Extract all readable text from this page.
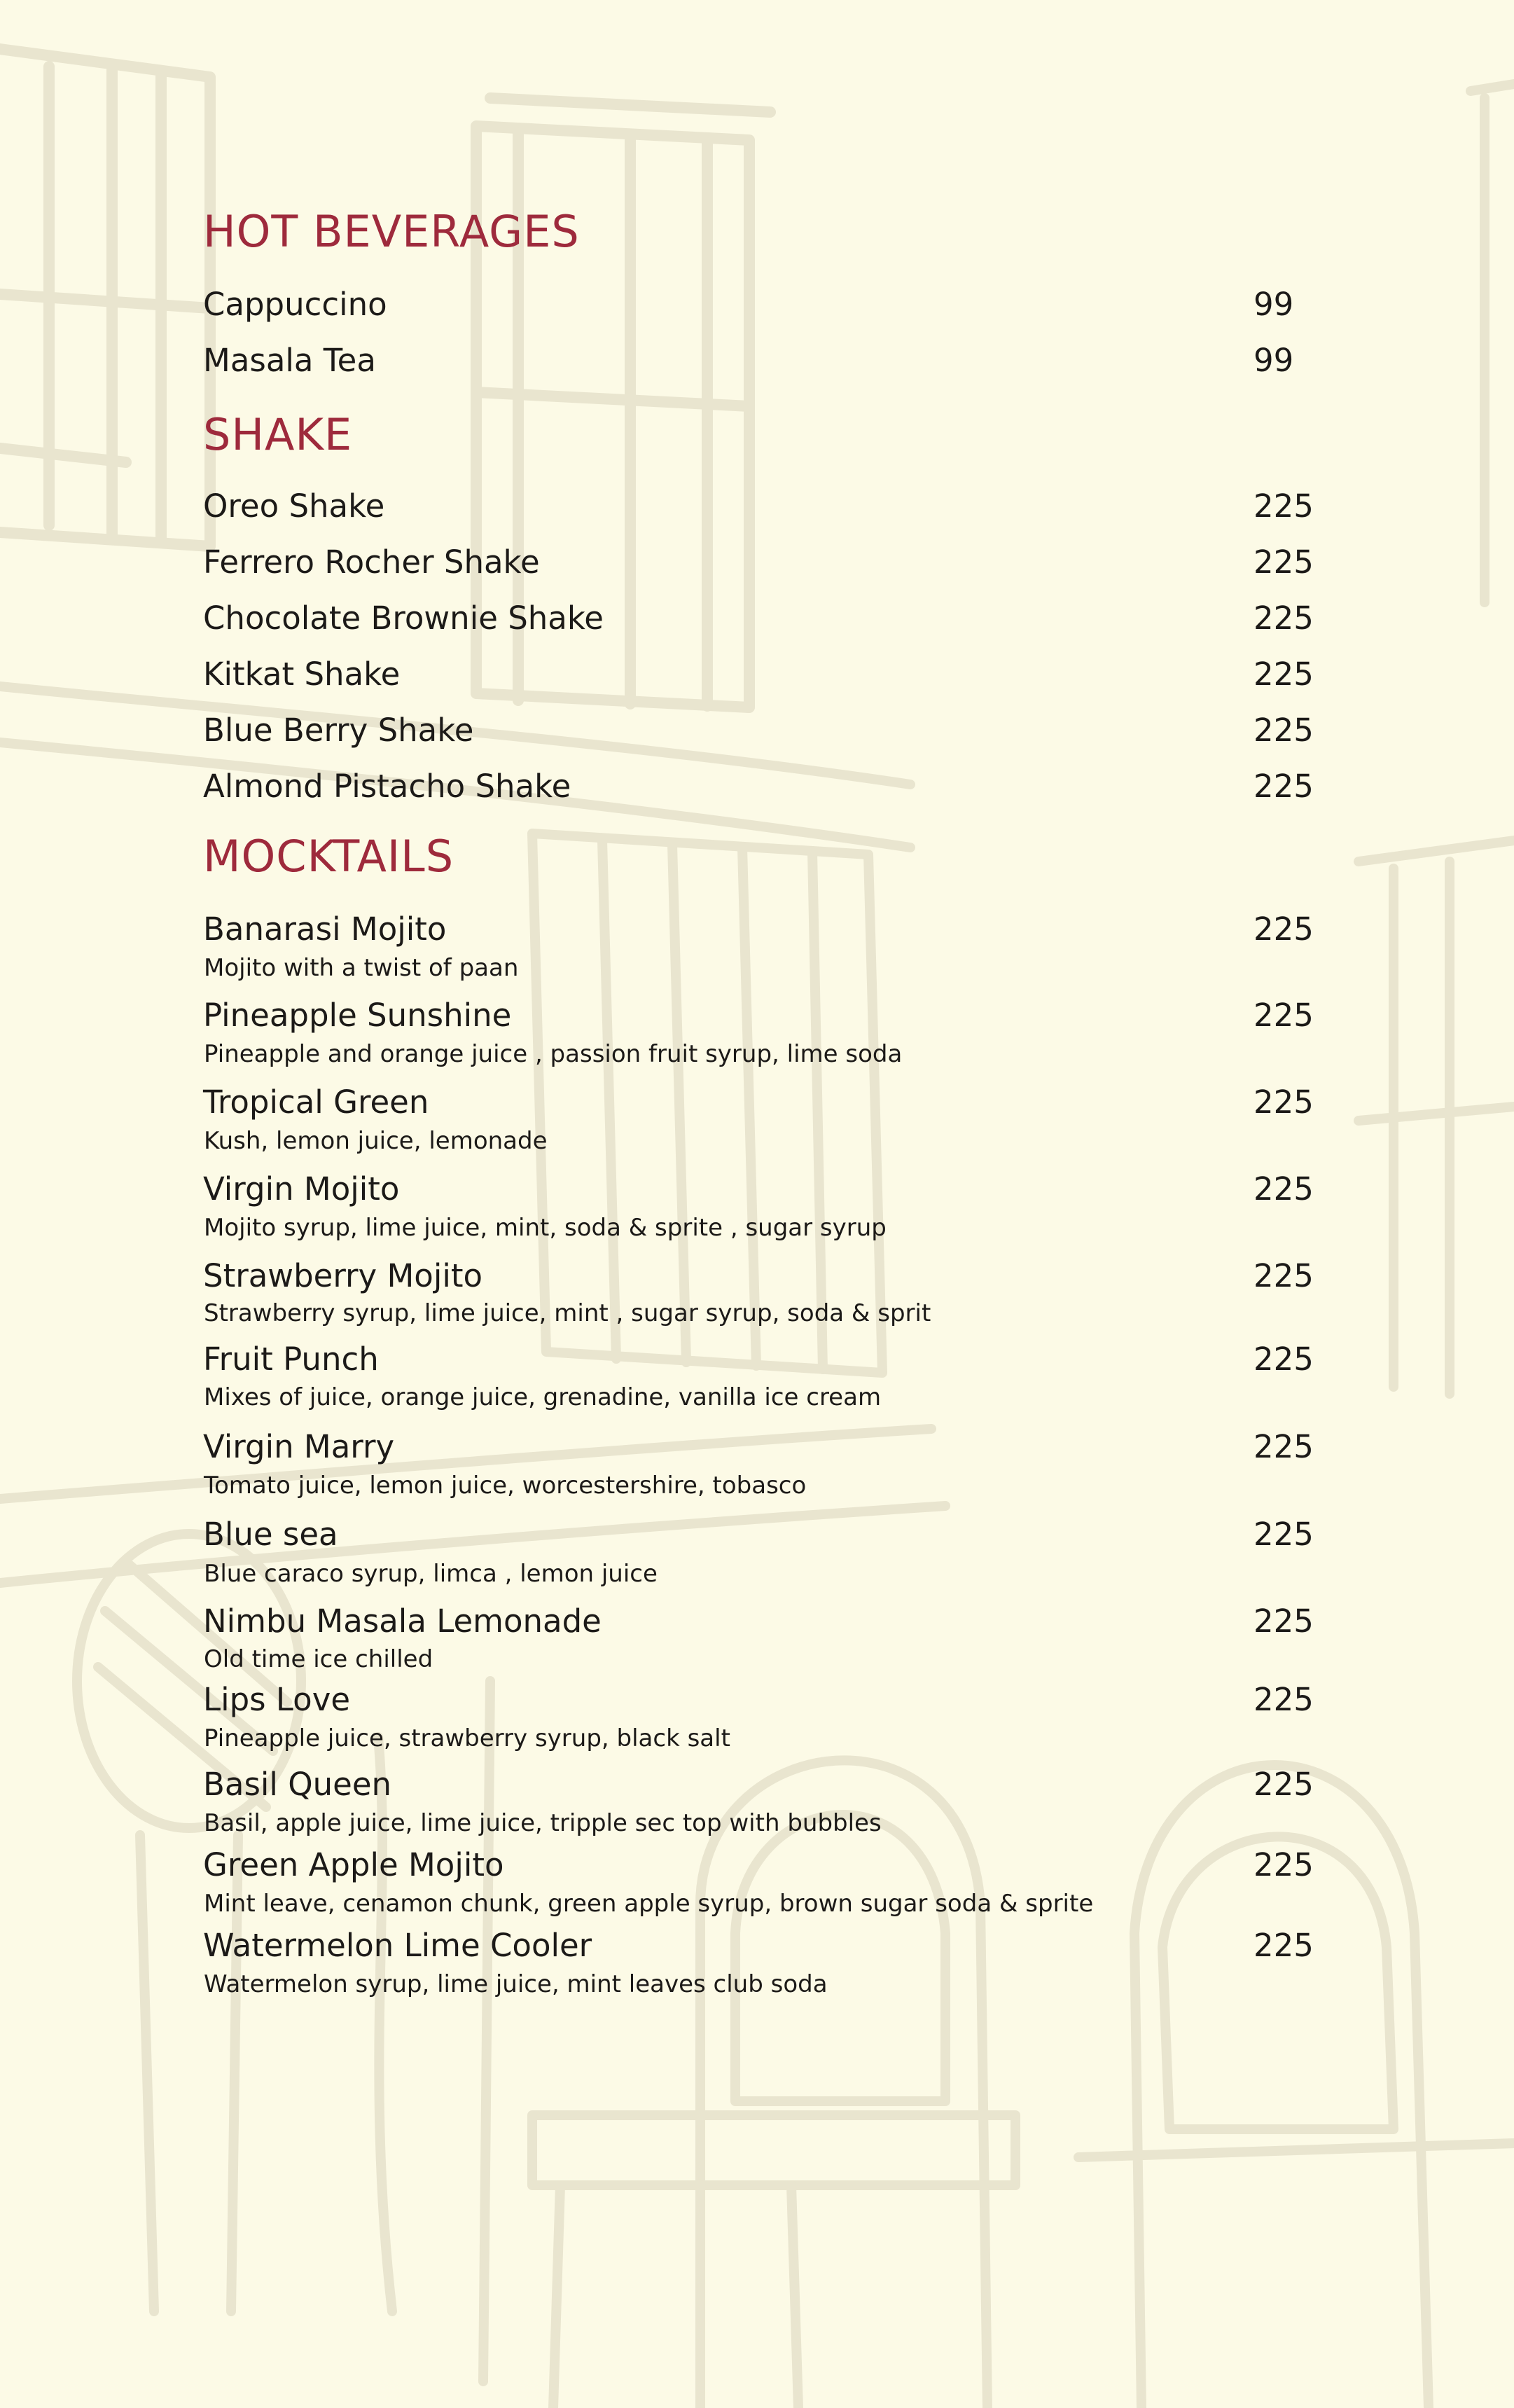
HOT BEVERAGES
Cappuccino	99
Masala Tea	99
SHAKE
Oreo Shake	225
Ferrero Rocher Shake	225
Chocolate Brownie Shake	225
Kitkat Shake	225
Blue Berry Shake	225
Almond Pistacho Shake	225
MOCKTAILS
Banarasi Mojito	225
Mojito with a twist of paan
Pineapple Sunshine	225
Pineapple and orange juice , passion fruit syrup, lime soda
Tropical Green	225
Kush, lemon juice, lemonade
Virgin Mojito	225
Mojito syrup, lime juice, mint, soda & sprite , sugar syrup
Strawberry Mojito	225
Strawberry syrup, lime juice, mint , sugar syrup, soda & sprit
Fruit Punch	225
Mixes of juice, orange juice, grenadine, vanilla ice cream
Virgin Marry	225
Tomato juice, lemon juice, worcestershire, tobasco
Blue sea	225
Blue caraco syrup, limca , lemon juice
Nimbu Masala Lemonade	225
Old time ice chilled
Lips Love	225
Pineapple juice, strawberry syrup, black salt
Basil Queen	225
Basil, apple juice, lime juice, tripple sec top with bubbles
Green Apple Mojito	225
Mint leave, cenamon chunk, green apple syrup, brown sugar soda & sprite
Watermelon Lime Cooler	225
Watermelon syrup, lime juice, mint leaves club soda
